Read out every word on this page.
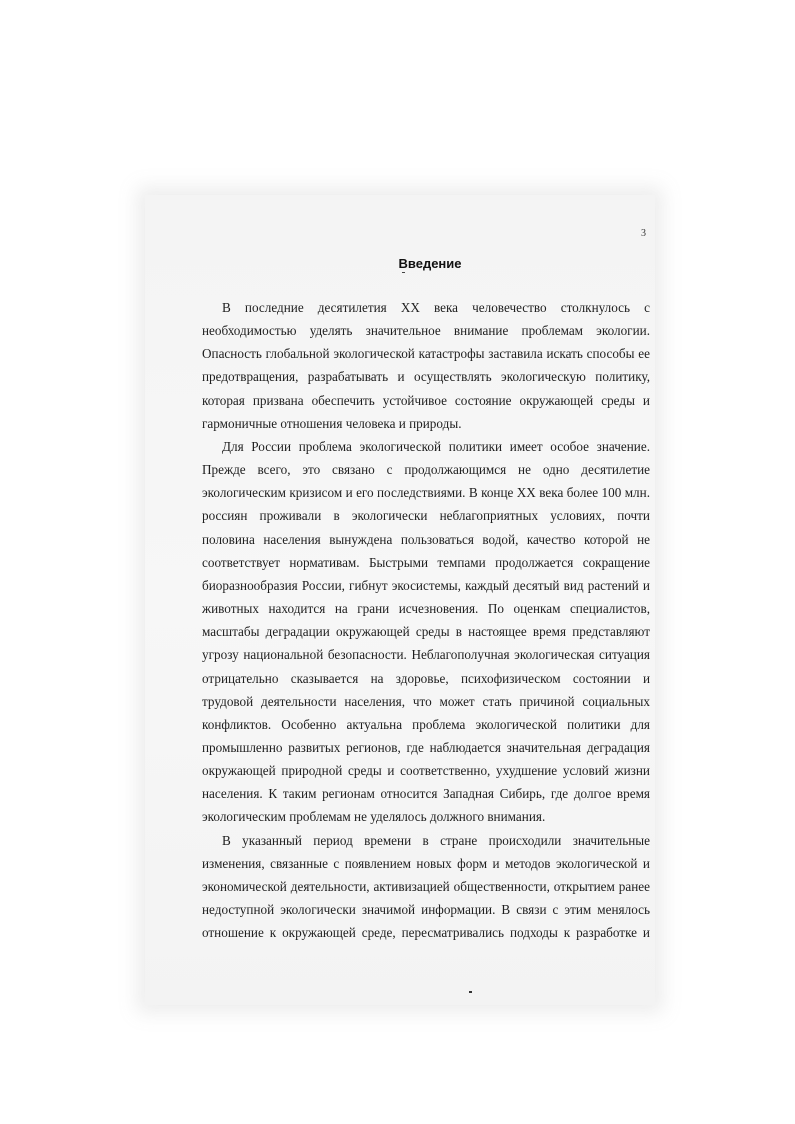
3
Введение

В последние десятилетия XX века человечество столкнулось с необходимостью уделять значительное внимание проблемам экологии. Опасность глобальной экологической катастрофы заставила искать способы ее предотвращения, разрабатывать и осуществлять экологическую политику, которая призвана обеспечить устойчивое состояние окружающей среды и гармоничные отношения человека и природы.

Для России проблема экологической политики имеет особое значение. Прежде всего, это связано с продолжающимся не одно десятилетие экологическим кризисом и его последствиями. В конце XX века более 100 млн. россиян проживали в экологически неблагоприятных условиях, почти половина населения вынуждена пользоваться водой, качество которой не соответствует нормативам. Быстрыми темпами продолжается сокращение биоразнообразия России, гибнут экосистемы, каждый десятый вид растений и животных находится на грани исчезновения. По оценкам специалистов, масштабы деградации окружающей среды в настоящее время представляют угрозу национальной безопасности. Неблагополучная экологическая ситуация отрицательно сказывается на здоровье, психофизическом состоянии и трудовой деятельности населения, что может стать причиной социальных конфликтов. Особенно актуальна проблема экологической политики для промышленно развитых регионов, где наблюдается значительная деградация окружающей природной среды и соответственно, ухудшение условий жизни населения. К таким регионам относится Западная Сибирь, где долгое время экологическим проблемам не уделялось должного внимания.

В указанный период времени в стране происходили значительные изменения, связанные с появлением новых форм и методов экологической и экономической деятельности, активизацией общественности, открытием ранее недоступной экологически значимой информации. В связи с этим менялось отношение к окружающей среде, пересматривались подходы к разработке и
